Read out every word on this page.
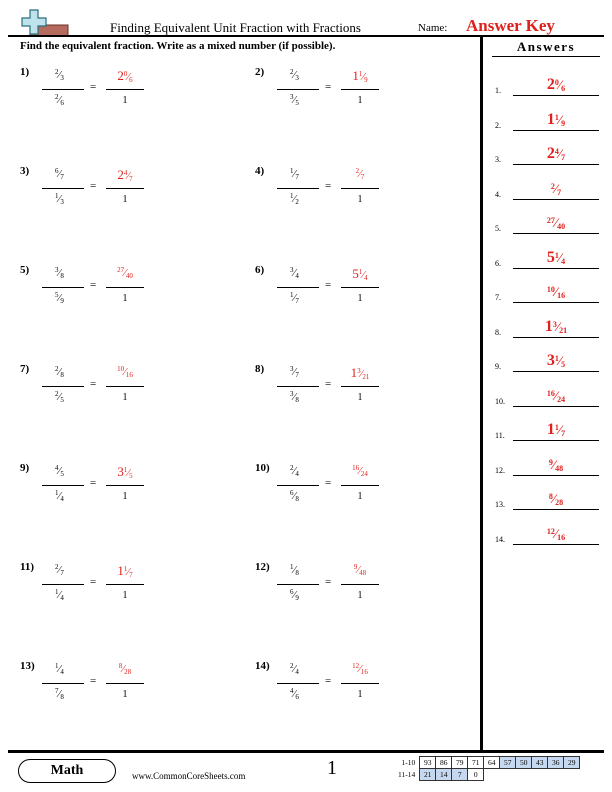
Finding Equivalent Unit Fraction with Fractions	Name: Answer Key
Find the equivalent fraction. Write as a mixed number (if possible).	Answers
1)	$^2⁄_3$
$^2⁄_6$
=
$2^0⁄_6$
1
2)	$^2⁄_3$
$^3⁄_5$
=
$1^1⁄_9$
1
3)	$^6⁄_7$
$^1⁄_3$
=
$2^4⁄_7$
1
4)	$^1⁄_7$
$^1⁄_2$
=
$^2⁄_7$
1
5)	$^3⁄_8$
$^5⁄_9$
=
$^{27}⁄_{40}$
1
6)	$^3⁄_4$
$^1⁄_7$
=
$5^1⁄_4$
1
7)	$^2⁄_8$
$^2⁄_5$
=
$^{10}⁄_{16}$
1
8)	$^3⁄_7$
$^3⁄_8$
=
$1^3⁄_{21}$
1
9)	$^4⁄_5$
$^1⁄_4$
=
$3^1⁄_5$
1
10)	$^2⁄_4$
$^6⁄_8$
=
$^{16}⁄_{24}$
1
11)	$^2⁄_7$
$^1⁄_4$
=
$1^1⁄_7$
1
12)	$^1⁄_8$
$^6⁄_9$
=
$^9⁄_{48}$
1
13)	$^1⁄_4$
$^7⁄_8$
=
$^8⁄_{28}$
1
14)	$^2⁄_4$
$^4⁄_6$
=
$^{12}⁄_{16}$
1
1.	$2^0⁄_6$
2.	$1^1⁄_9$
3.	$2^4⁄_7$
4.
$^2⁄_7$
5.
$^{27}⁄_{40}$
6.	$5^1⁄_4$
7.
$^{10}⁄_{16}$
8.	$1^3⁄_{21}$
9.	$3^1⁄_5$
10.
$^{16}⁄_{24}$
11.	$1^1⁄_7$
12.
$^9⁄_{48}$
13.
$^8⁄_{28}$
14.
$^{12}⁄_{16}$
Math	www.CommonCoreSheets.com	1	1-10	93	86	79	71	64	57	50	43	36	29
11-14	21	14	7	0						
